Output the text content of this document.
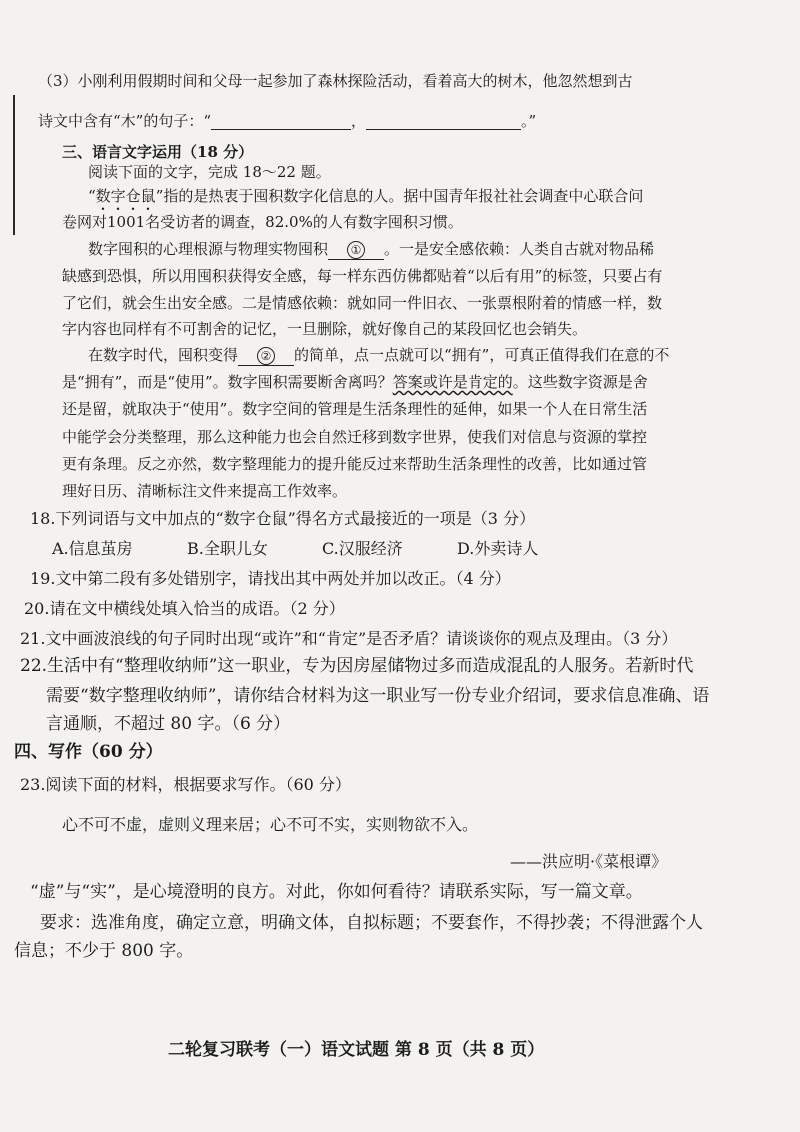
（3）小刚利用假期时间和父母一起参加了森林探险活动，看着高大的树木，他忽然想到古
诗文中含有“木”的句子：“	，	。”
三、语言文字运用（18 分）
阅读下面的文字，完成 18～22 题。
“数字仓鼠”指的是热衷于囤积数字化信息的人。据中国青年报社社会调查中心联合问
卷网对1001名受访者的调查，82.0%的人有数字囤积习惯。
数字囤积的心理根源与物理实物囤积 ① 。一是安全感依赖：人类自古就对物品稀
缺感到恐惧，所以用囤积获得安全感，每一样东西仿佛都贴着“以后有用”的标签，只要占有
了它们，就会生出安全感。二是情感依赖：就如同一件旧衣、一张票根附着的情感一样，数
字内容也同样有不可割舍的记忆，一旦删除，就好像自己的某段回忆也会销失。
在数字时代，囤积变得 ② 的简单，点一点就可以“拥有”，可真正值得我们在意的不
是“拥有”，而是“使用”。数字囤积需要断舍离吗？答案或许是肯定的。这些数字资源是舍
还是留，就取决于“使用”。数字空间的管理是生活条理性的延伸，如果一个人在日常生活
中能学会分类整理，那么这种能力也会自然迁移到数字世界，使我们对信息与资源的掌控
更有条理。反之亦然，数字整理能力的提升能反过来帮助生活条理性的改善，比如通过管
理好日历、清晰标注文件来提高工作效率。
18.下列词语与文中加点的“数字仓鼠”得名方式最接近的一项是（3 分）
A.信息茧房	B.全职儿女	C.汉服经济	D.外卖诗人
19.文中第二段有多处错别字，请找出其中两处并加以改正。（4 分）
20.请在文中横线处填入恰当的成语。（2 分）
21.文中画波浪线的句子同时出现“或许”和“肯定”是否矛盾？请谈谈你的观点及理由。（3 分）
22.生活中有“整理收纳师”这一职业，专为因房屋储物过多而造成混乱的人服务。若新时代
需要“数字整理收纳师”，请你结合材料为这一职业写一份专业介绍词，要求信息准确、语
言通顺，不超过 80 字。（6 分）
四、写作（60 分）
23.阅读下面的材料，根据要求写作。（60 分）
心不可不虚，虚则义理来居；心不可不实，实则物欲不入。
——洪应明·《菜根谭》
“虚”与“实”，是心境澄明的良方。对此，你如何看待？请联系实际，写一篇文章。
要求：选准角度，确定立意，明确文体，自拟标题；不要套作，不得抄袭；不得泄露个人
信息；不少于 800 字。
二轮复习联考（一）语文试题 第 8 页（共 8 页）
